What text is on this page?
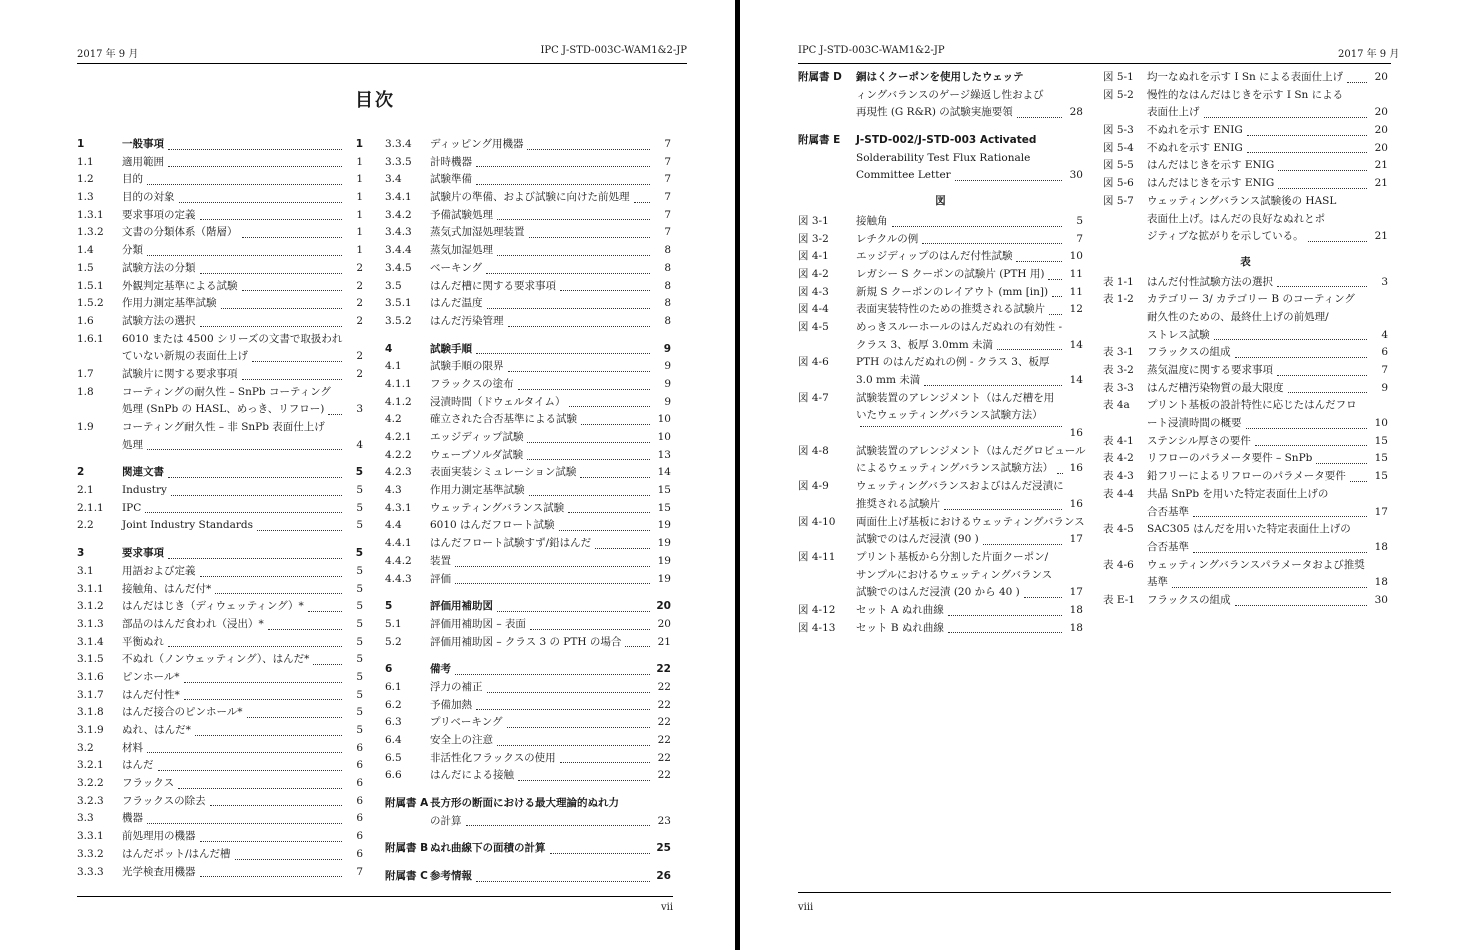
2017 年 9 月	IPC J-STD-003C-WAM1&2-JP
目次
1	一般事項	1
1.1	適用範囲	1
1.2	目的	1
1.3	目的の対象	1
1.3.1 要求事項の定義	1
1.3.2 文書の分類体系（階層）	1
1.4	分類	1
1.5	試験方法の分類	2
1.5.1 外観判定基準による試験	2
1.5.2 作用力測定基準試験	2
1.6	試験方法の選択	2
1.6.1 6010 または 4500 シリーズの文書で取扱われ
ていない新規の表面仕上げ	2
1.7	試験片に関する要求事項	2
1.8	コーティングの耐久性 – SnPb コーティング
処理 (SnPb の HASL、めっき、リフロー)	3
1.9	コーティング耐久性 – 非 SnPb 表面仕上げ
処理	4
2	関連文書	5
2.1	Industry	5
2.1.1 IPC	5
2.2	Joint Industry Standards	5
3	要求事項	5
3.1	用語および定義	5
3.1.1 接触角、はんだ付*	5
3.1.2 はんだはじき（ディウェッティング）*	5
3.1.3 部品のはんだ食われ（浸出）*	5
3.1.4 平衡ぬれ	5
3.1.5 不ぬれ（ノンウェッティング）、はんだ*	5
3.1.6 ピンホール*	5
3.1.7 はんだ付性*	5
3.1.8 はんだ接合のピンホール*	5
3.1.9 ぬれ、はんだ*	5
3.2	材料	6
3.2.1 はんだ	6
3.2.2 フラックス	6
3.2.3 フラックスの除去	6
3.3	機器	6
3.3.1 前処理用の機器	6
3.3.2 はんだポット/はんだ槽	6
3.3.3 光学検査用機器	7
3.3.4 ディッピング用機器	7
3.3.5 計時機器	7
3.4	試験準備	7
3.4.1 試験片の準備、および試験に向けた前処理	7
3.4.2 予備試験処理	7
3.4.3 蒸気式加湿処理装置	7
3.4.4 蒸気加湿処理	8
3.4.5 ベーキング	8
3.5	はんだ槽に関する要求事項	8
3.5.1 はんだ温度	8
3.5.2 はんだ汚染管理	8
4	試験手順	9
4.1	試験手順の限界	9
4.1.1 フラックスの塗布	9
4.1.2 浸漬時間（ドウェルタイム）	9
4.2	確立された合否基準による試験	10
4.2.1 エッジディップ試験	10
4.2.2 ウェーブソルダ試験	13
4.2.3 表面実装シミュレーション試験	14
4.3	作用力測定基準試験	15
4.3.1 ウェッティングバランス試験	15
4.4	6010 はんだフロート試験	19
4.4.1 はんだフロート試験すず/鉛はんだ	19
4.4.2 装置	19
4.4.3 評価	19
5	評価用補助図	20
5.1	評価用補助図 – 表面	20
5.2	評価用補助図 – クラス 3 の PTH の場合	21
6	備考	22
6.1	浮力の補正	22
6.2	予備加熱	22
6.3	プリベーキング	22
6.4	安全上の注意	22
6.5	非活性化フラックスの使用	22
6.6	はんだによる接触	22
附属書 A 長方形の断面における最大理論的ぬれ力
の計算	23
附属書 B ぬれ曲線下の面積の計算	25
附属書 C 参考情報	26
vii
IPC J-STD-003C-WAM1&2-JP	2017 年 9 月
附属書 D 銅はくクーポンを使用したウェッテ
ィングバランスのゲージ繰返し性および
再現性 (G R&R) の試験実施要領	28
附属書 E J-STD-002/J-STD-003 Activated
Solderability Test Flux Rationale
Committee Letter	30
図
図 3-1	接触角	5
図 3-2	レチクルの例	7
図 4-1	エッジディップのはんだ付性試験	10
図 4-2	レガシー S クーポンの試験片 (PTH 用) 11
図 4-3	新規 S クーポンのレイアウト (mm [in]) 11
図 4-4	表面実装特性のための推奨される試験片 12
図 4-5	めっきスルーホールのはんだぬれの有効性 -
クラス 3、板厚 3.0mm 未満	14
図 4-6	PTH のはんだぬれの例 - クラス 3、板厚
3.0 mm 未満	14
図 4-7	試験装置のアレンジメント（はんだ槽を用
いたウェッティングバランス試験方法）
16
図 4-8	試験装置のアレンジメント（はんだグロビュール
によるウェッティングバランス試験方法） 16
図 4-9	ウェッティングバランスおよびはんだ浸漬に
推奨される試験片	16
図 4-10 両面仕上げ基板におけるウェッティングバランス
試験でのはんだ浸漬 (90 )	17
図 4-11 プリント基板から分割した片面クーポン/
サンプルにおけるウェッティングバランス
試験でのはんだ浸漬 (20 から 40 )	17
図 4-12 セット A ぬれ曲線	18
図 4-13 セット B ぬれ曲線	18
図 5-1 均一なぬれを示す I Sn による表面仕上げ	20
図 5-2 慢性的なはんだはじきを示す I Sn による
表面仕上げ	20
図 5-3 不ぬれを示す ENIG	20
図 5-4 不ぬれを示す ENIG	20
図 5-5 はんだはじきを示す ENIG	21
図 5-6 はんだはじきを示す ENIG	21
図 5-7 ウェッティングバランス試験後の HASL
表面仕上げ。はんだの良好なぬれとポ
ジティブな拡がりを示している。	21
表
表 1-1 はんだ付性試験方法の選択	3
表 1-2 カテゴリー 3/ カテゴリー B のコーティング
耐久性のための、最終仕上げの前処理/
ストレス試験	4
表 3-1 フラックスの組成	6
表 3-2 蒸気温度に関する要求事項	7
表 3-3 はんだ槽汚染物質の最大限度	9
表 4a プリント基板の設計特性に応じたはんだフロ
ート浸漬時間の概要	10
表 4-1 ステンシル厚さの要件	15
表 4-2 リフローのパラメータ要件 – SnPb	15
表 4-3 鉛フリーによるリフローのパラメータ要件	15
表 4-4 共晶 SnPb を用いた特定表面仕上げの
合否基準	17
表 4-5 SAC305 はんだを用いた特定表面仕上げの
合否基準	18
表 4-6 ウェッティングバランスパラメータおよび推奨
基準	18
表 E-1 フラックスの組成	30
viii
